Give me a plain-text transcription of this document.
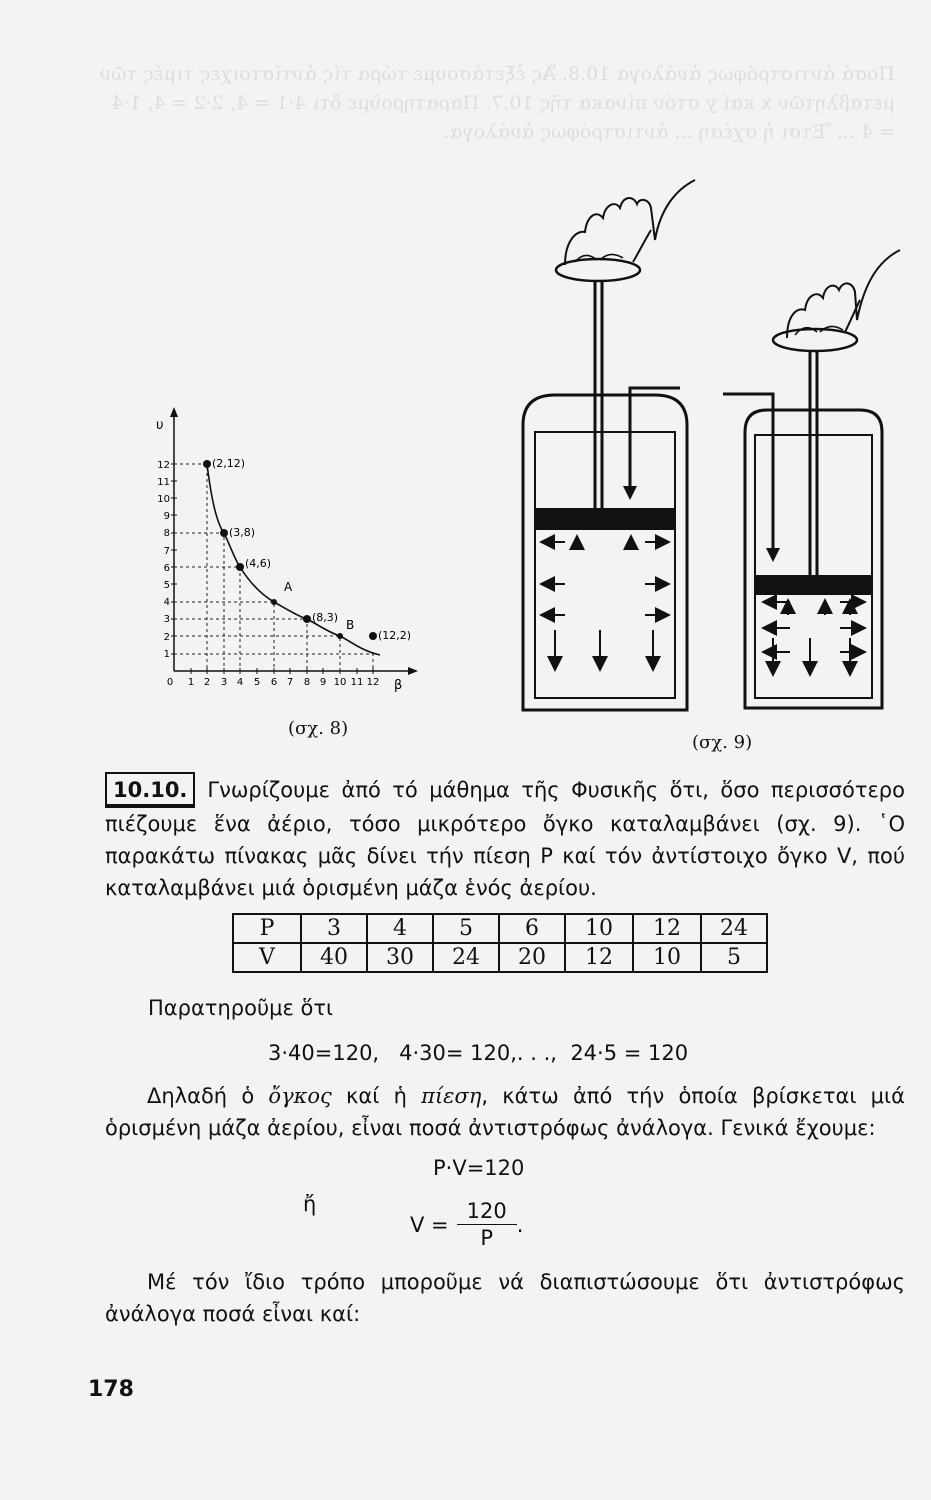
Ποσά ἀντιστρόφως ἀνάλογα 10.8. Ἄς ἐξετάσουμε τώρα τίς ἀντίστοιχες τιμές τῶν μεταβλητῶν x καί y στόν πίνακα τῆς 10.7. Παρατηροῦμε ὅτι 4·1 = 4, 2·2 = 4, 1·4 = 4 ... Ἔτσι ἡ σχέση ... ἀντιστρόφως ἀνάλογα.
υ
β
12
11
10
9
8
7
6
5
4
3
2
1
0 1 2 3 4 5 6 7 8 9 10 11 12
(2,12)
(3,8)
(4,6)
(8,3)
(12,2)
A
B
(σχ. 8)
(σχ. 9)
10.10. Γνωρίζουμε ἀπό τό μάθημα τῆς Φυσικῆς ὅτι, ὅσο περισσότερο πιέζουμε ἕνα ἀέριο, τόσο μικρότερο ὄγκο καταλαμβάνει (σχ. 9). ῾Ο παρακάτω πίνακας μᾶς δίνει τήν πίεση P καί τόν ἀντίστοιχο ὄγκο V, πού καταλαμβάνει μιά ὁρισμένη μάζα ἑνός ἀερίου.
P	3	4	5	6	10	12	24
V	40	30	24	20	12	10	5
Παρατηροῦμε ὅτι
3·40=120,   4·30= 120,. . .,  24·5 = 120
Δηλαδή ὁ ὄγκος καί ἡ πίεση, κάτω ἀπό τήν ὁποία βρίσκεται μιά ὁρισμένη μάζα ἀερίου, εἶναι ποσά ἀντιστρόφως ἀνάλογα. Γενικά ἔχουμε:
P·V=120
ἤ
$V = \frac{120}{P}$ .
Μέ τόν ἴδιο τρόπο μποροῦμε νά διαπιστώσουμε ὅτι ἀντιστρόφως ἀνάλογα ποσά εἶναι καί:
178
